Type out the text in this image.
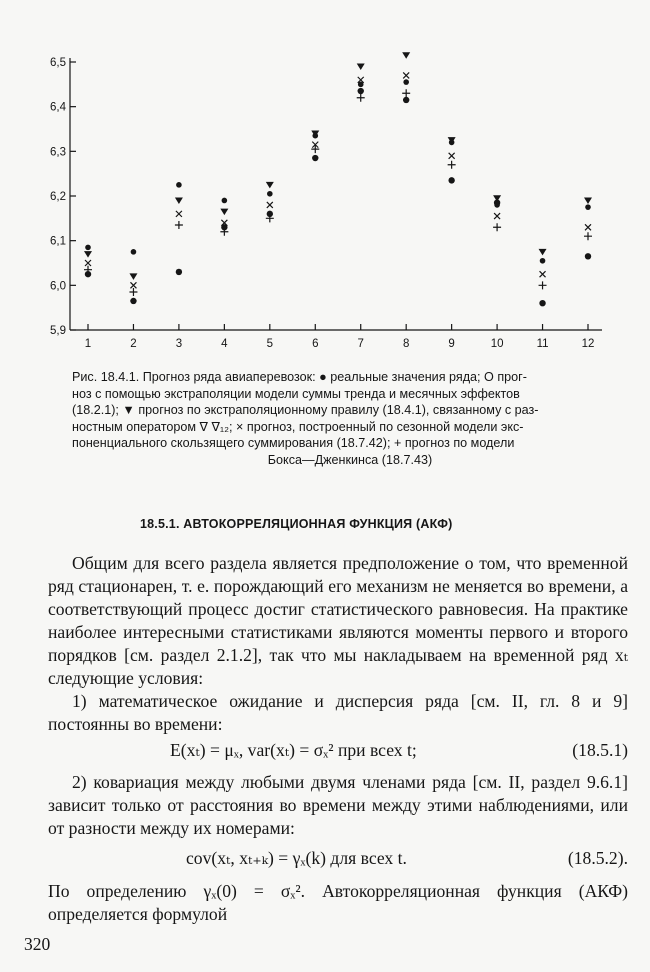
5,9
6,0
6,1
6,2
6,3
6,4
6,5
1	2	3	4	5	6	7	8	9	10	11	12
Рис. 18.4.1. Прогноз ряда авиаперевозок: ● реальные значения ряда; O прог-
ноз с помощью экстраполяции модели суммы тренда и месячных эффектов
(18.2.1); ▼ прогноз по экстраполяционному правилу (18.4.1), связанному с раз-
ностным оператором ∇ ∇₁₂; × прогноз, построенный по сезонной модели экс-
поненциального скользящего суммирования (18.7.42); + прогноз по модели
Бокса—Дженкинса (18.7.43)
18.5.1. АВТОКОРРЕЛЯЦИОННАЯ ФУНКЦИЯ (АКФ)
Общим для всего раздела является предположение о том, что временной ряд стационарен, т. е. порождающий его механизм не меняется во времени, а соответствующий процесс достиг статистического равновесия. На практике наиболее интересными статистиками являются моменты первого и второго порядков [см. раздел 2.1.2], так что мы накладываем на временной ряд xₜ следующие условия:
1) математическое ожидание и дисперсия ряда [см. II, гл. 8 и 9] постоянны во времени:
E(xₜ) = μₓ, var(xₜ) = σₓ² при всех t;	(18.5.1)
2) ковариация между любыми двумя членами ряда [см. II, раздел 9.6.1] зависит только от расстояния во времени между этими наблюдениями, или от разности между их номерами:
cov(xₜ, xₜ₊ₖ) = γₓ(k) для всех t.	(18.5.2).
По определению γₓ(0) = σₓ². Автокорреляционная функция (АКФ) определяется формулой
320
